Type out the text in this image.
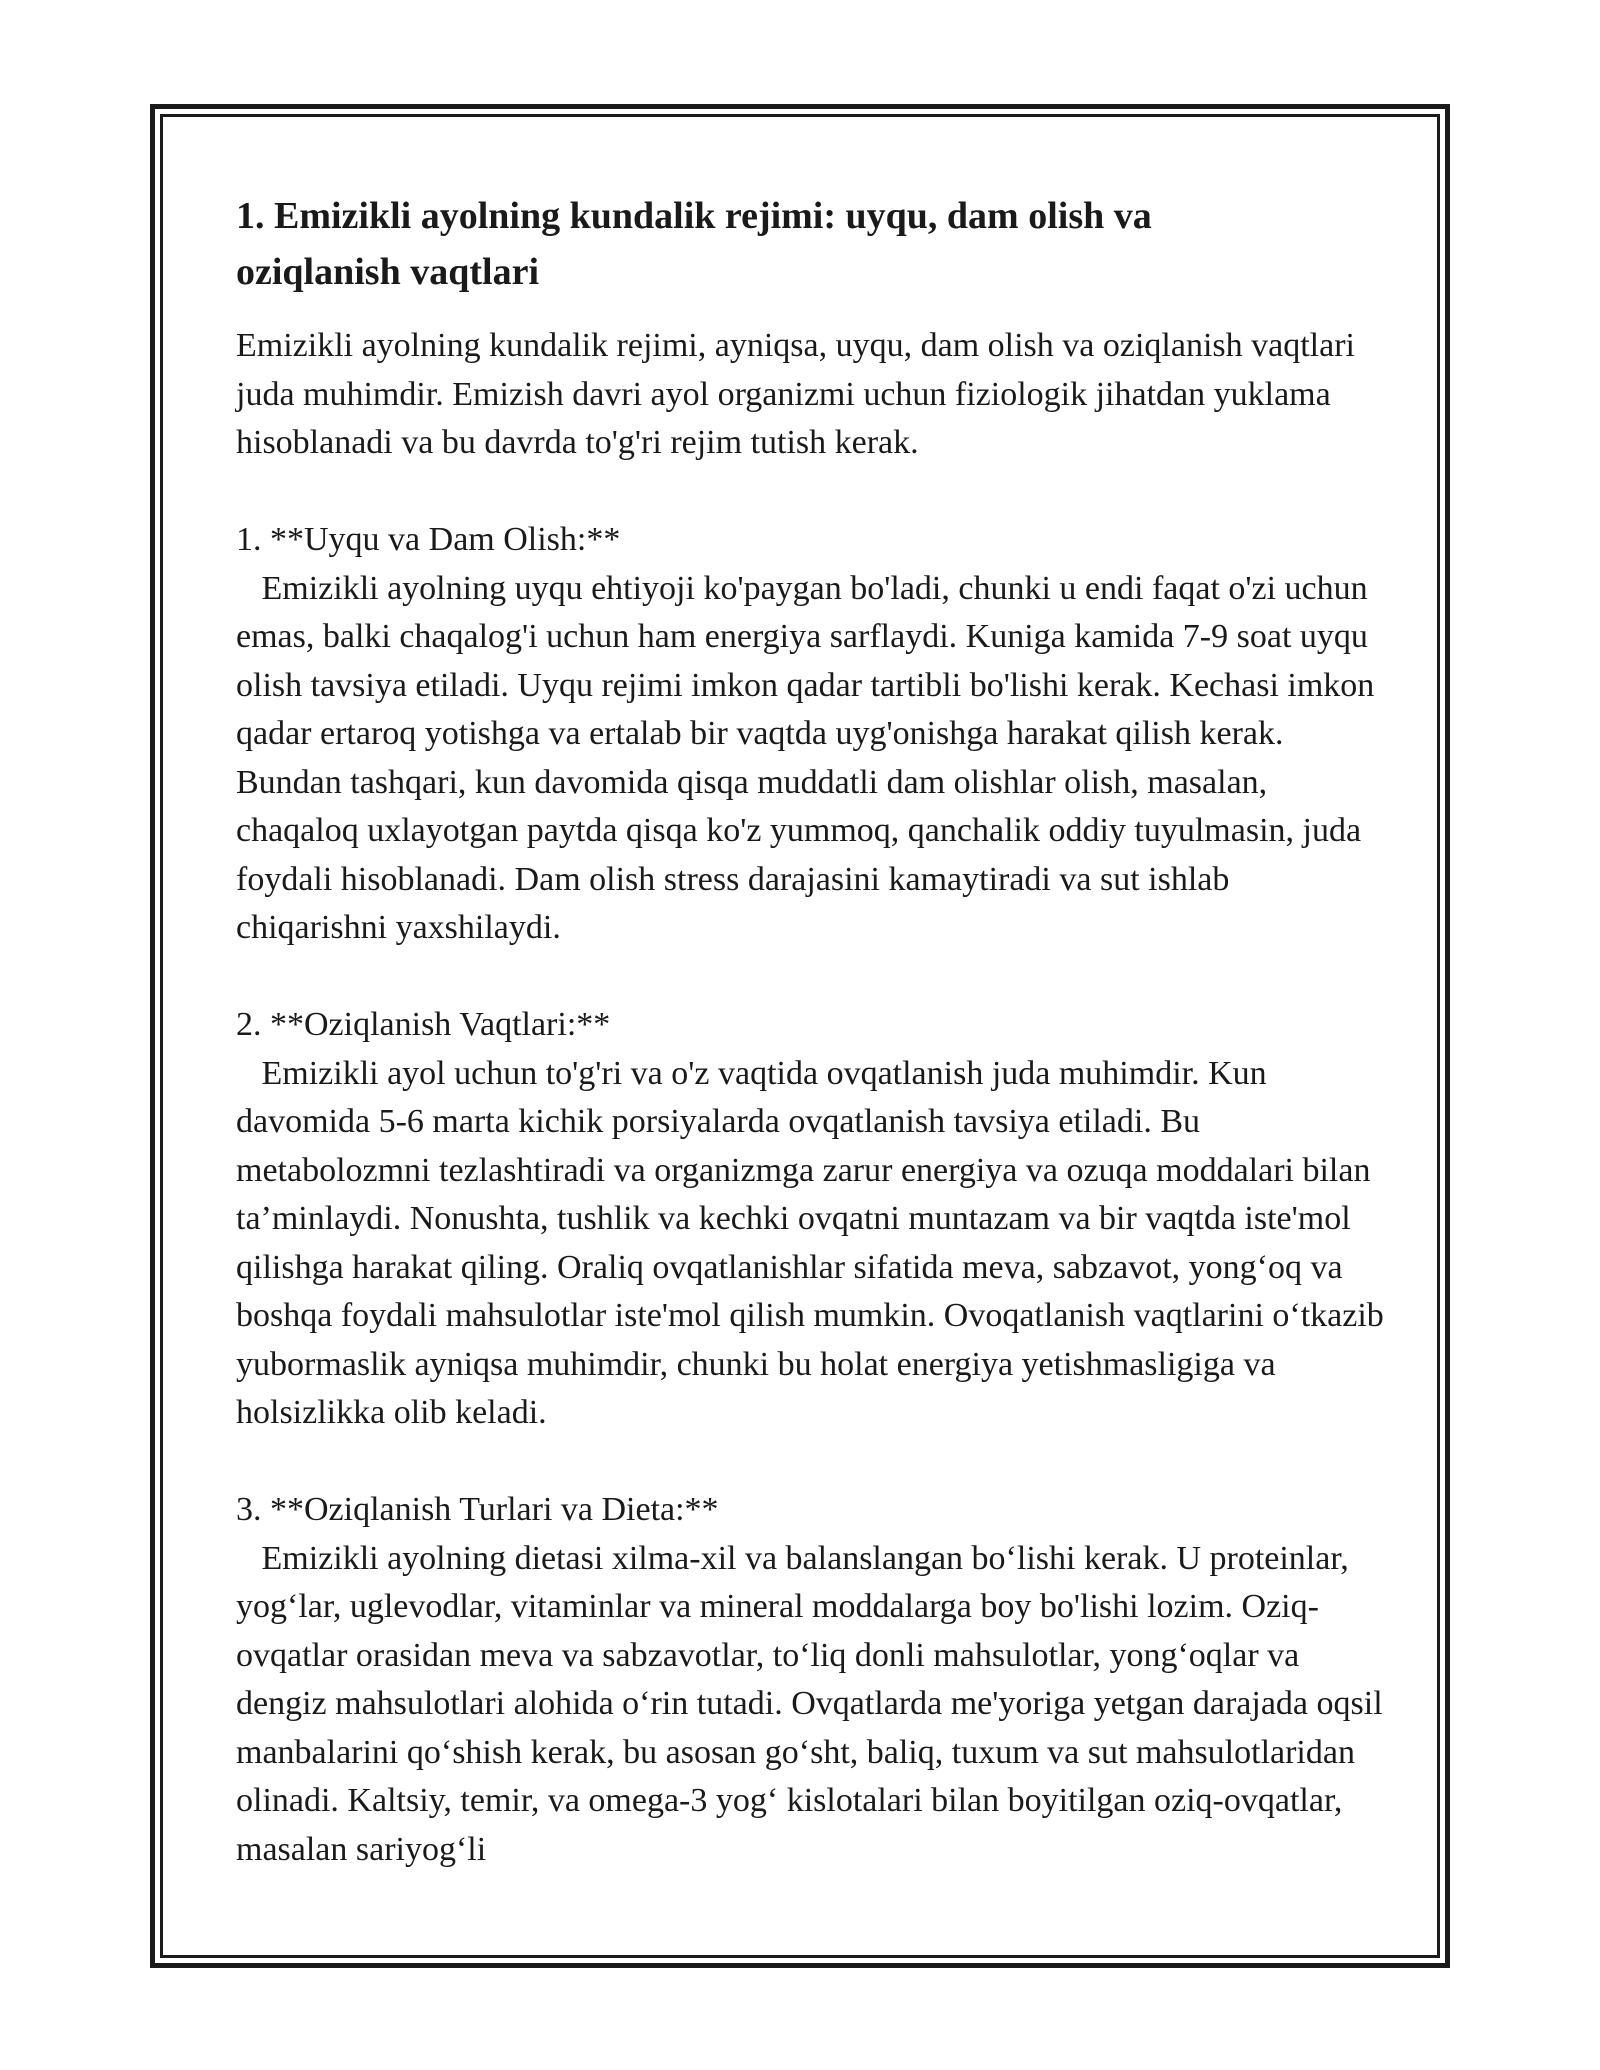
1. Emizikli ayolning kundalik rejimi: uyqu, dam olish va oziqlanish vaqtlari

Emizikli ayolning kundalik rejimi, ayniqsa, uyqu, dam olish va oziqlanish vaqtlari juda muhimdir. Emizish davri ayol organizmi uchun fiziologik jihatdan yuklama hisoblanadi va bu davrda to'g'ri rejim tutish kerak.

1. **Uyqu va Dam Olish:**

Emizikli ayolning uyqu ehtiyoji ko'paygan bo'ladi, chunki u endi faqat o'zi uchun emas, balki chaqalog'i uchun ham energiya sarflaydi. Kuniga kamida 7-9 soat uyqu olish tavsiya etiladi. Uyqu rejimi imkon qadar tartibli bo'lishi kerak. Kechasi imkon qadar ertaroq yotishga va ertalab bir vaqtda uyg'onishga harakat qilish kerak. Bundan tashqari, kun davomida qisqa muddatli dam olishlar olish, masalan, chaqaloq uxlayotgan paytda qisqa ko'z yummoq, qanchalik oddiy tuyulmasin, juda foydali hisoblanadi. Dam olish stress darajasini kamaytiradi va sut ishlab chiqarishni yaxshilaydi.

2. **Oziqlanish Vaqtlari:**

Emizikli ayol uchun to'g'ri va o'z vaqtida ovqatlanish juda muhimdir. Kun davomida 5-6 marta kichik porsiyalarda ovqatlanish tavsiya etiladi. Bu metabolozmni tezlashtiradi va organizmga zarur energiya va ozuqa moddalari bilan ta’minlaydi. Nonushta, tushlik va kechki ovqatni muntazam va bir vaqtda iste'mol qilishga harakat qiling. Oraliq ovqatlanishlar sifatida meva, sabzavot, yong‘oq va boshqa foydali mahsulotlar iste'mol qilish mumkin. Ovoqatlanish vaqtlarini o‘tkazib yubormaslik ayniqsa muhimdir, chunki bu holat energiya yetishmasligiga va holsizlikka olib keladi.

3. **Oziqlanish Turlari va Dieta:**

Emizikli ayolning dietasi xilma-xil va balanslangan bo‘lishi kerak. U proteinlar, yog‘lar, uglevodlar, vitaminlar va mineral moddalarga boy bo'lishi lozim. Oziq-ovqatlar orasidan meva va sabzavotlar, to‘liq donli mahsulotlar, yong‘oqlar va dengiz mahsulotlari alohida o‘rin tutadi. Ovqatlarda me'yoriga yetgan darajada oqsil manbalarini qo‘shish kerak, bu asosan go‘sht, baliq, tuxum va sut mahsulotlaridan olinadi. Kaltsiy, temir, va omega-3 yog‘ kislotalari bilan boyitilgan oziq-ovqatlar, masalan sariyog‘li
